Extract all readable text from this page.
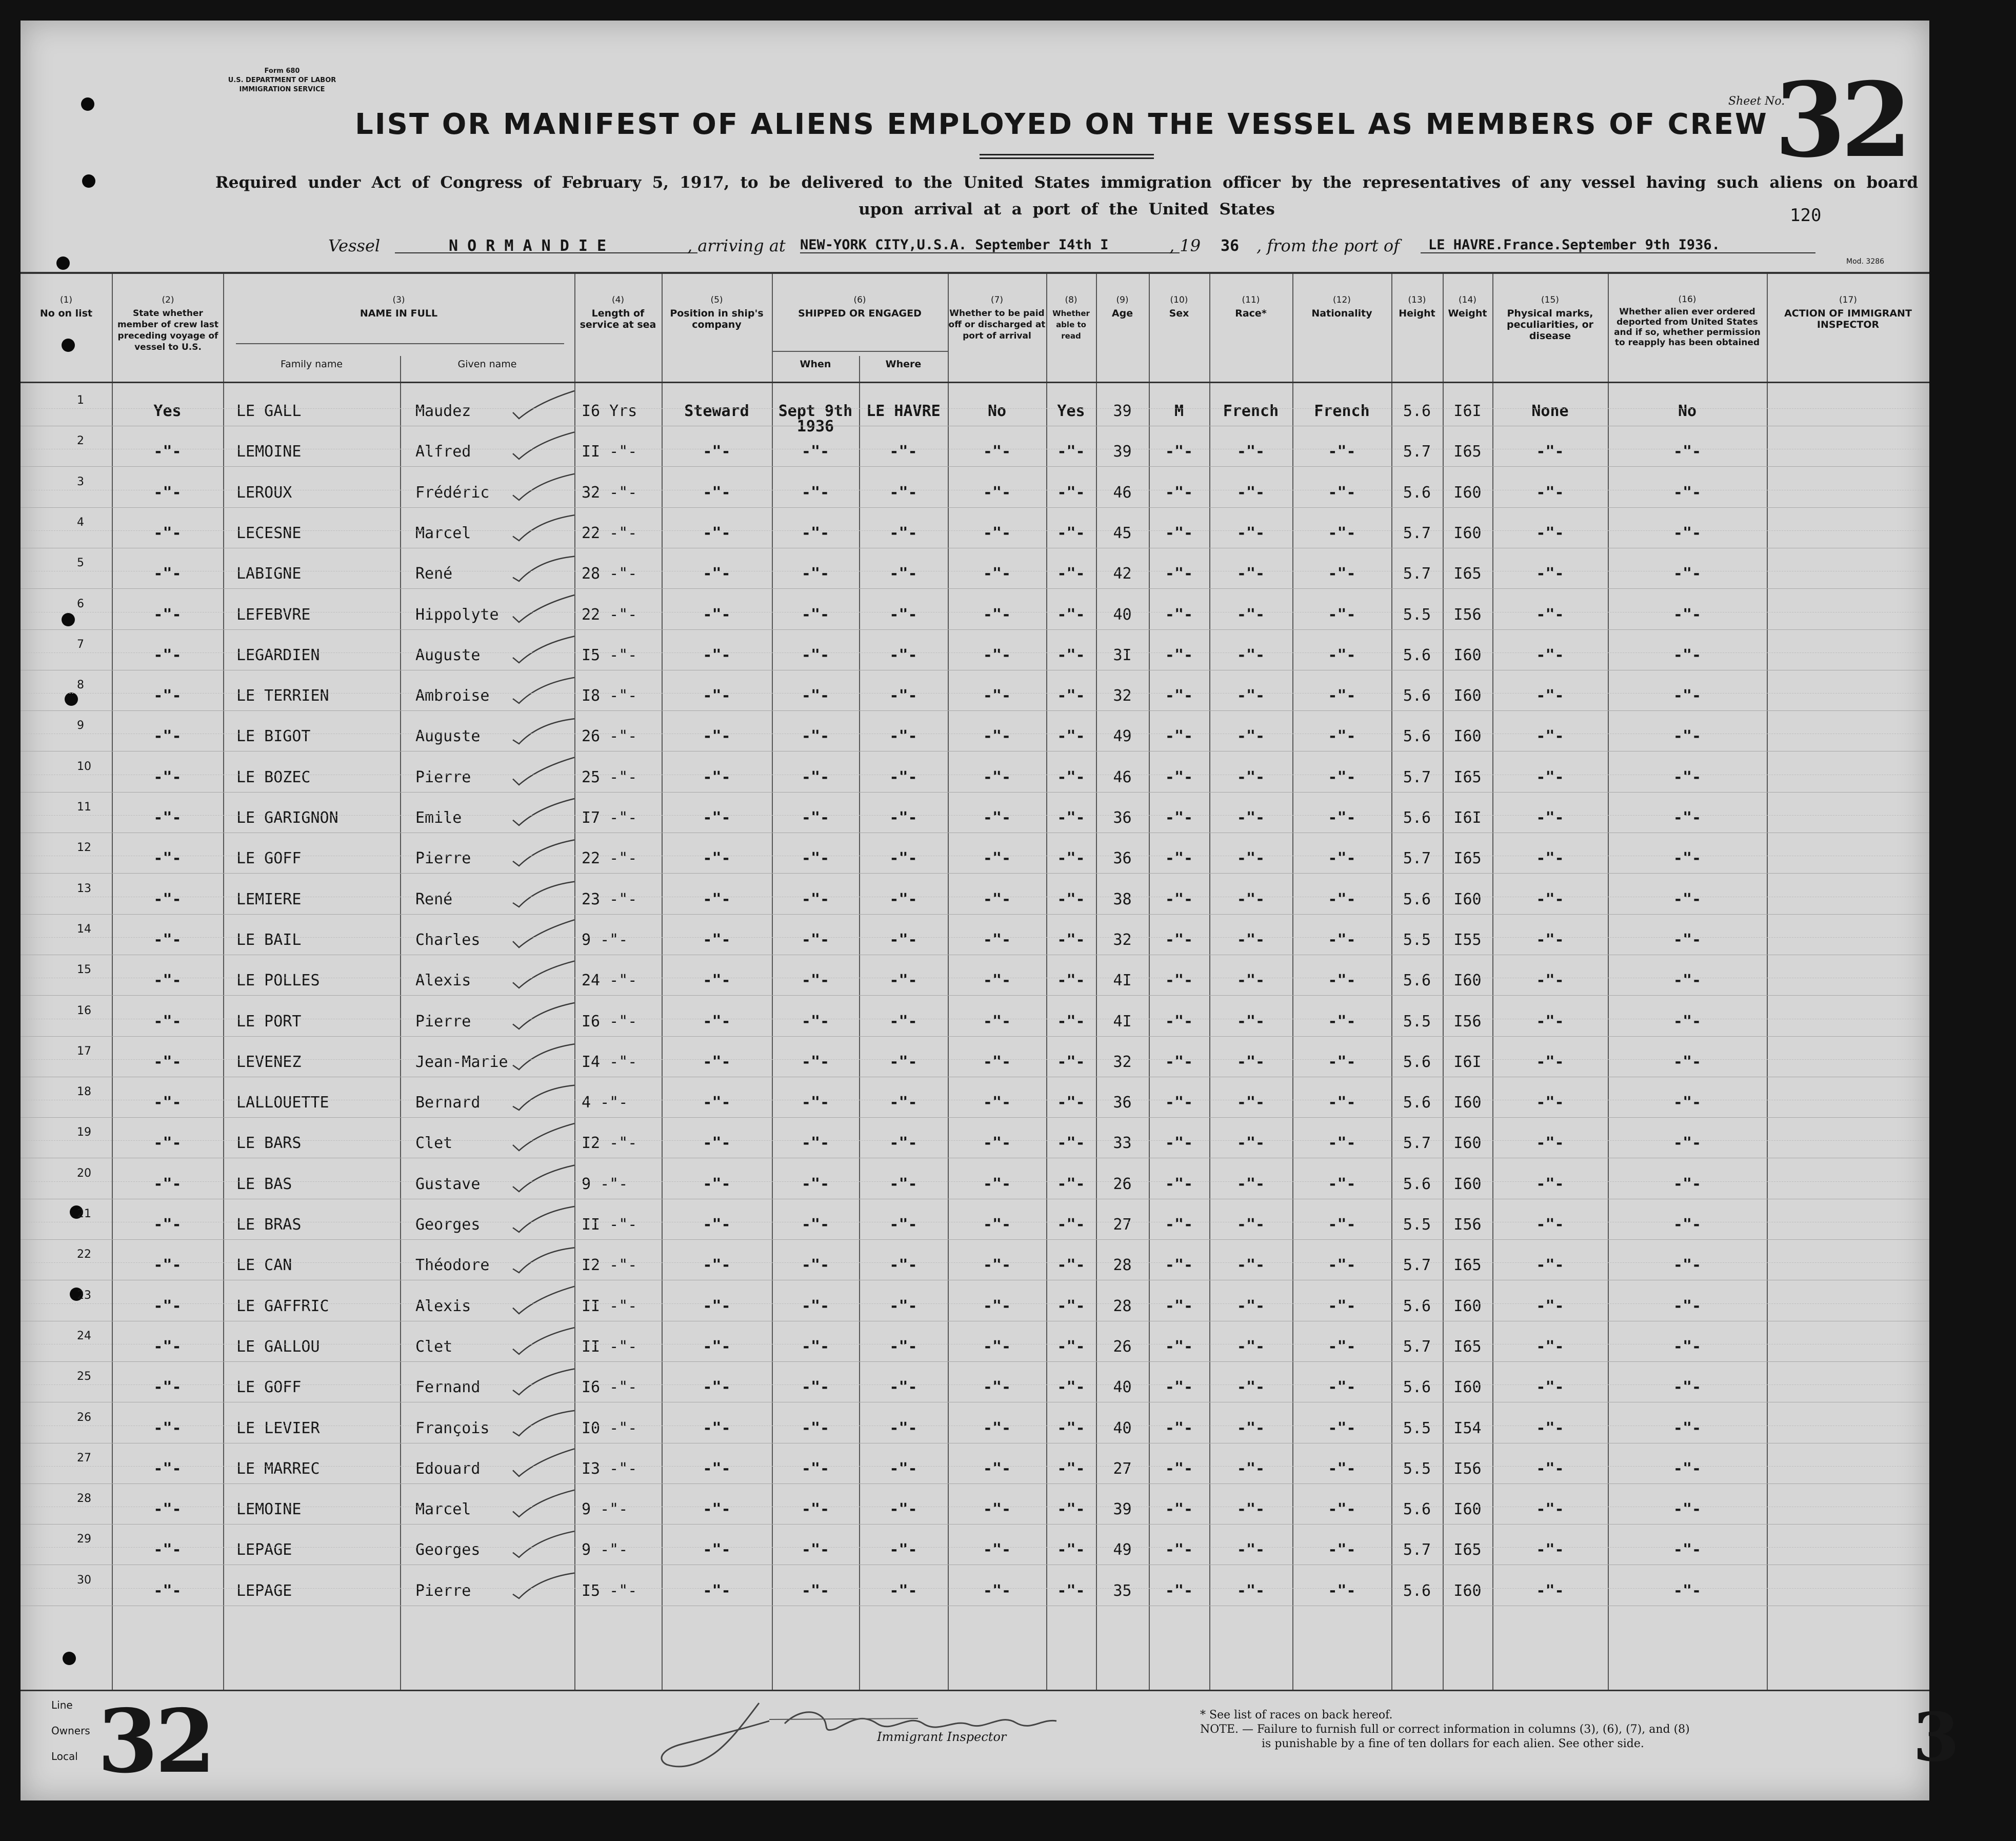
Form 680
U.S. DEPARTMENT OF LABOR
IMMIGRATION SERVICE
LIST OR MANIFEST OF ALIENS EMPLOYED ON THE VESSEL AS MEMBERS OF CREW
Sheet No.
32
120
Required under Act of Congress of February 5, 1917, to be delivered to the United States immigration officer by the representatives of any vessel having such aliens on board upon arrival at a port of the United States
Vessel	N O R M A N D I E	, arriving at NEW-YORK CITY,U.S.A. September I4th I	, 19 36 , from the port of LE HAVRE.France.September 9th I936.
Mod. 3286
(1)
No on list
(2)
State whether member of crew last preceding voyage of vessel to U.S.
(3)
NAME IN FULL
Family name	Given name
(4)
Length of service at sea
(5)
Position in ship's company
(6)
SHIPPED OR ENGAGED
When	Where
(7)
Whether to be paid off or discharged at port of arrival
(8)
Whether able to read
(9)
Age
(10)
Sex
(11)
Race*
(12)
Nationality
(13)
Height
(14)
Weight
(15)
Physical marks, peculiarities, or disease
(16)
Whether alien ever ordered deported from United States and if so, whether permission to reapply has been obtained
(17)
ACTION OF IMMIGRANT INSPECTOR
1
Yes	LE GALL	Maudez	I6 Yrs	Steward	Sept 9th
1936
LE HAVRE	No	Yes	39	M	French	French	5.6	I6I	None	No
2
-"-	LEMOINE	Alfred	II -"-	-"-	-"-	-"-	-"-	-"-	39	-"-	-"-	-"-	5.7	I65	-"-	-"-
3
-"-	LEROUX	Frédéric	32 -"-	-"-	-"-	-"-	-"-	-"-	46	-"-	-"-	-"-	5.6	I60	-"-	-"-
4
-"-	LECESNE	Marcel	22 -"-	-"-	-"-	-"-	-"-	-"-	45	-"-	-"-	-"-	5.7	I60	-"-	-"-
5
-"-	LABIGNE	René	28 -"-	-"-	-"-	-"-	-"-	-"-	42	-"-	-"-	-"-	5.7	I65	-"-	-"-
6
-"-	LEFEBVRE	Hippolyte	22 -"-	-"-	-"-	-"-	-"-	-"-	40	-"-	-"-	-"-	5.5	I56	-"-	-"-
7
-"-	LEGARDIEN	Auguste	I5 -"-	-"-	-"-	-"-	-"-	-"-	3I	-"-	-"-	-"-	5.6	I60	-"-	-"-
8
-"-	LE TERRIEN	Ambroise	I8 -"-	-"-	-"-	-"-	-"-	-"-	32	-"-	-"-	-"-	5.6	I60	-"-	-"-
9
-"-	LE BIGOT	Auguste	26 -"-	-"-	-"-	-"-	-"-	-"-	49	-"-	-"-	-"-	5.6	I60	-"-	-"-
10
-"-	LE BOZEC	Pierre	25 -"-	-"-	-"-	-"-	-"-	-"-	46	-"-	-"-	-"-	5.7	I65	-"-	-"-
11
-"-	LE GARIGNON	Emile	I7 -"-	-"-	-"-	-"-	-"-	-"-	36	-"-	-"-	-"-	5.6	I6I	-"-	-"-
12
-"-	LE GOFF	Pierre	22 -"-	-"-	-"-	-"-	-"-	-"-	36	-"-	-"-	-"-	5.7	I65	-"-	-"-
13
-"-	LEMIERE	René	23 -"-	-"-	-"-	-"-	-"-	-"-	38	-"-	-"-	-"-	5.6	I60	-"-	-"-
14
-"-	LE BAIL	Charles	9 -"-	-"-	-"-	-"-	-"-	-"-	32	-"-	-"-	-"-	5.5	I55	-"-	-"-
15
-"-	LE POLLES	Alexis	24 -"-	-"-	-"-	-"-	-"-	-"-	4I	-"-	-"-	-"-	5.6	I60	-"-	-"-
16
-"-	LE PORT	Pierre	I6 -"-	-"-	-"-	-"-	-"-	-"-	4I	-"-	-"-	-"-	5.5	I56	-"-	-"-
17
-"-	LEVENEZ	Jean-Marie	I4 -"-	-"-	-"-	-"-	-"-	-"-	32	-"-	-"-	-"-	5.6	I6I	-"-	-"-
18
-"-	LALLOUETTE	Bernard	4 -"-	-"-	-"-	-"-	-"-	-"-	36	-"-	-"-	-"-	5.6	I60	-"-	-"-
19
-"-	LE BARS	Clet	I2 -"-	-"-	-"-	-"-	-"-	-"-	33	-"-	-"-	-"-	5.7	I60	-"-	-"-
20
-"-	LE BAS	Gustave	9 -"-	-"-	-"-	-"-	-"-	-"-	26	-"-	-"-	-"-	5.6	I60	-"-	-"-
21
-"-	LE BRAS	Georges	II -"-	-"-	-"-	-"-	-"-	-"-	27	-"-	-"-	-"-	5.5	I56	-"-	-"-
22
-"-	LE CAN	Théodore	I2 -"-	-"-	-"-	-"-	-"-	-"-	28	-"-	-"-	-"-	5.7	I65	-"-	-"-
23
-"-	LE GAFFRIC	Alexis	II -"-	-"-	-"-	-"-	-"-	-"-	28	-"-	-"-	-"-	5.6	I60	-"-	-"-
24
-"-	LE GALLOU	Clet	II -"-	-"-	-"-	-"-	-"-	-"-	26	-"-	-"-	-"-	5.7	I65	-"-	-"-
25
-"-	LE GOFF	Fernand	I6 -"-	-"-	-"-	-"-	-"-	-"-	40	-"-	-"-	-"-	5.6	I60	-"-	-"-
26
-"-	LE LEVIER	François	I0 -"-	-"-	-"-	-"-	-"-	-"-	40	-"-	-"-	-"-	5.5	I54	-"-	-"-
27
-"-	LE MARREC	Edouard	I3 -"-	-"-	-"-	-"-	-"-	-"-	27	-"-	-"-	-"-	5.5	I56	-"-	-"-
28
-"-	LEMOINE	Marcel	9 -"-	-"-	-"-	-"-	-"-	-"-	39	-"-	-"-	-"-	5.6	I60	-"-	-"-
29
-"-	LEPAGE	Georges	9 -"-	-"-	-"-	-"-	-"-	-"-	49	-"-	-"-	-"-	5.7	I65	-"-	-"-
30
-"-	LEPAGE	Pierre	I5 -"-	-"-	-"-	-"-	-"-	-"-	35	-"-	-"-	-"-	5.6	I60	-"-	-"-
Line
Owners
Local 32	Immigrant Inspector
* See list of races on back hereof.
NOTE. — Failure to furnish full or correct information in columns (3), (6), (7), and (8)
is punishable by a fine of ten dollars for each alien. See other side.	3
